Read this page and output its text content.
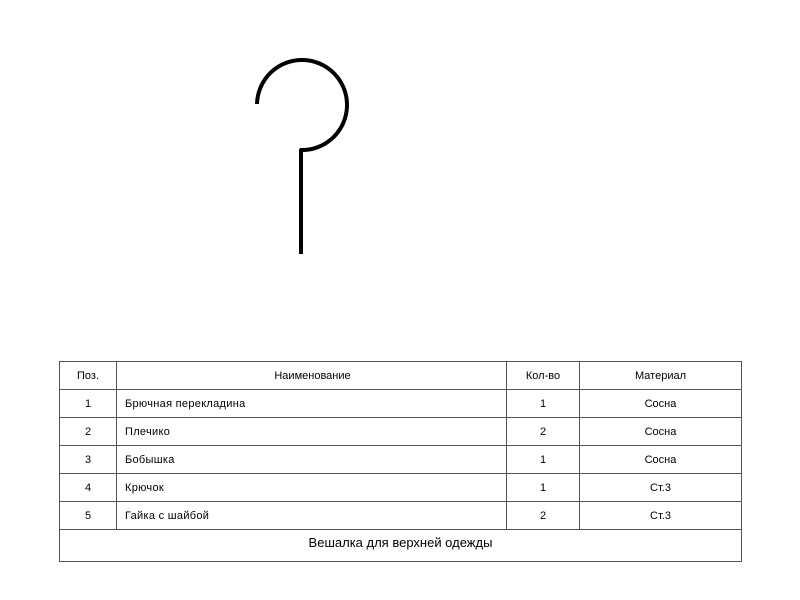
Поз.	Наименование	Кол-во	Материал
1	Брючная перекладина	1	Сосна
2	Плечико	2	Сосна
3	Бобышка	1	Сосна
4	Крючок	1	Ст.3
5	Гайка с шайбой	2	Ст.3
Вешалка для верхней одежды			
